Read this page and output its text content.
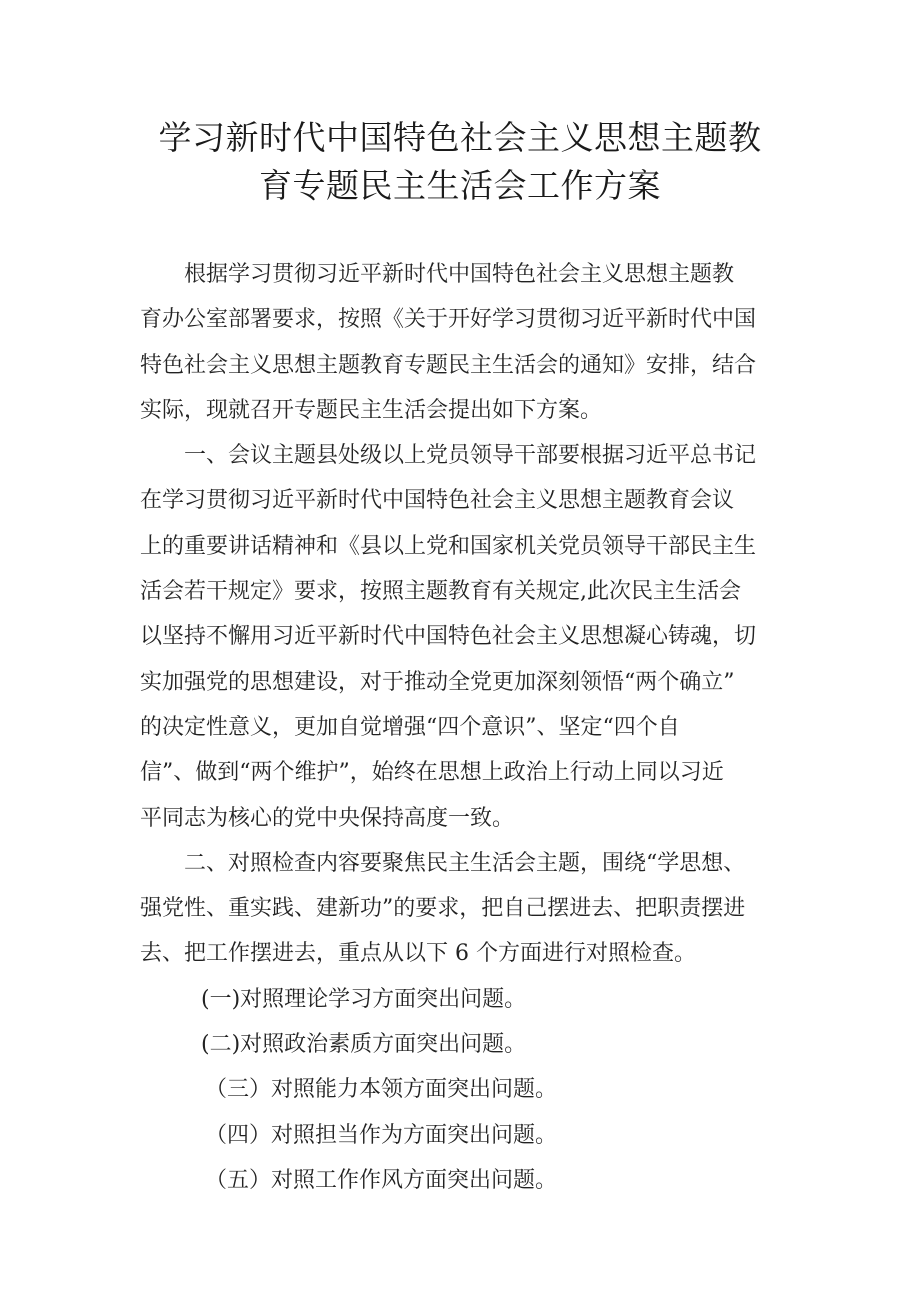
学习新时代中国特色社会主义思想主题教
育专题民主生活会工作方案
根据学习贯彻习近平新时代中国特色社会主义思想主题教
育办公室部署要求，按照《关于开好学习贯彻习近平新时代中国
特色社会主义思想主题教育专题民主生活会的通知》安排，结合
实际，现就召开专题民主生活会提出如下方案。
一、会议主题县处级以上党员领导干部要根据习近平总书记
在学习贯彻习近平新时代中国特色社会主义思想主题教育会议
上的重要讲话精神和《县以上党和国家机关党员领导干部民主生
活会若干规定》要求，按照主题教育有关规定,此次民主生活会
以坚持不懈用习近平新时代中国特色社会主义思想凝心铸魂，切
实加强党的思想建设，对于推动全党更加深刻领悟“两个确立”
的决定性意义，更加自觉增强“四个意识”、坚定“四个自
信”、做到“两个维护”，始终在思想上政治上行动上同以习近
平同志为核心的党中央保持高度一致。
二、对照检查内容要聚焦民主生活会主题，围绕“学思想、
强党性、重实践、建新功”的要求，把自己摆进去、把职责摆进
去、把工作摆进去，重点从以下 6 个方面进行对照检查。
(一)对照理论学习方面突出问题。
(二)对照政治素质方面突出问题。
（三）对照能力本领方面突出问题。
（四）对照担当作为方面突出问题。
（五）对照工作作风方面突出问题。
